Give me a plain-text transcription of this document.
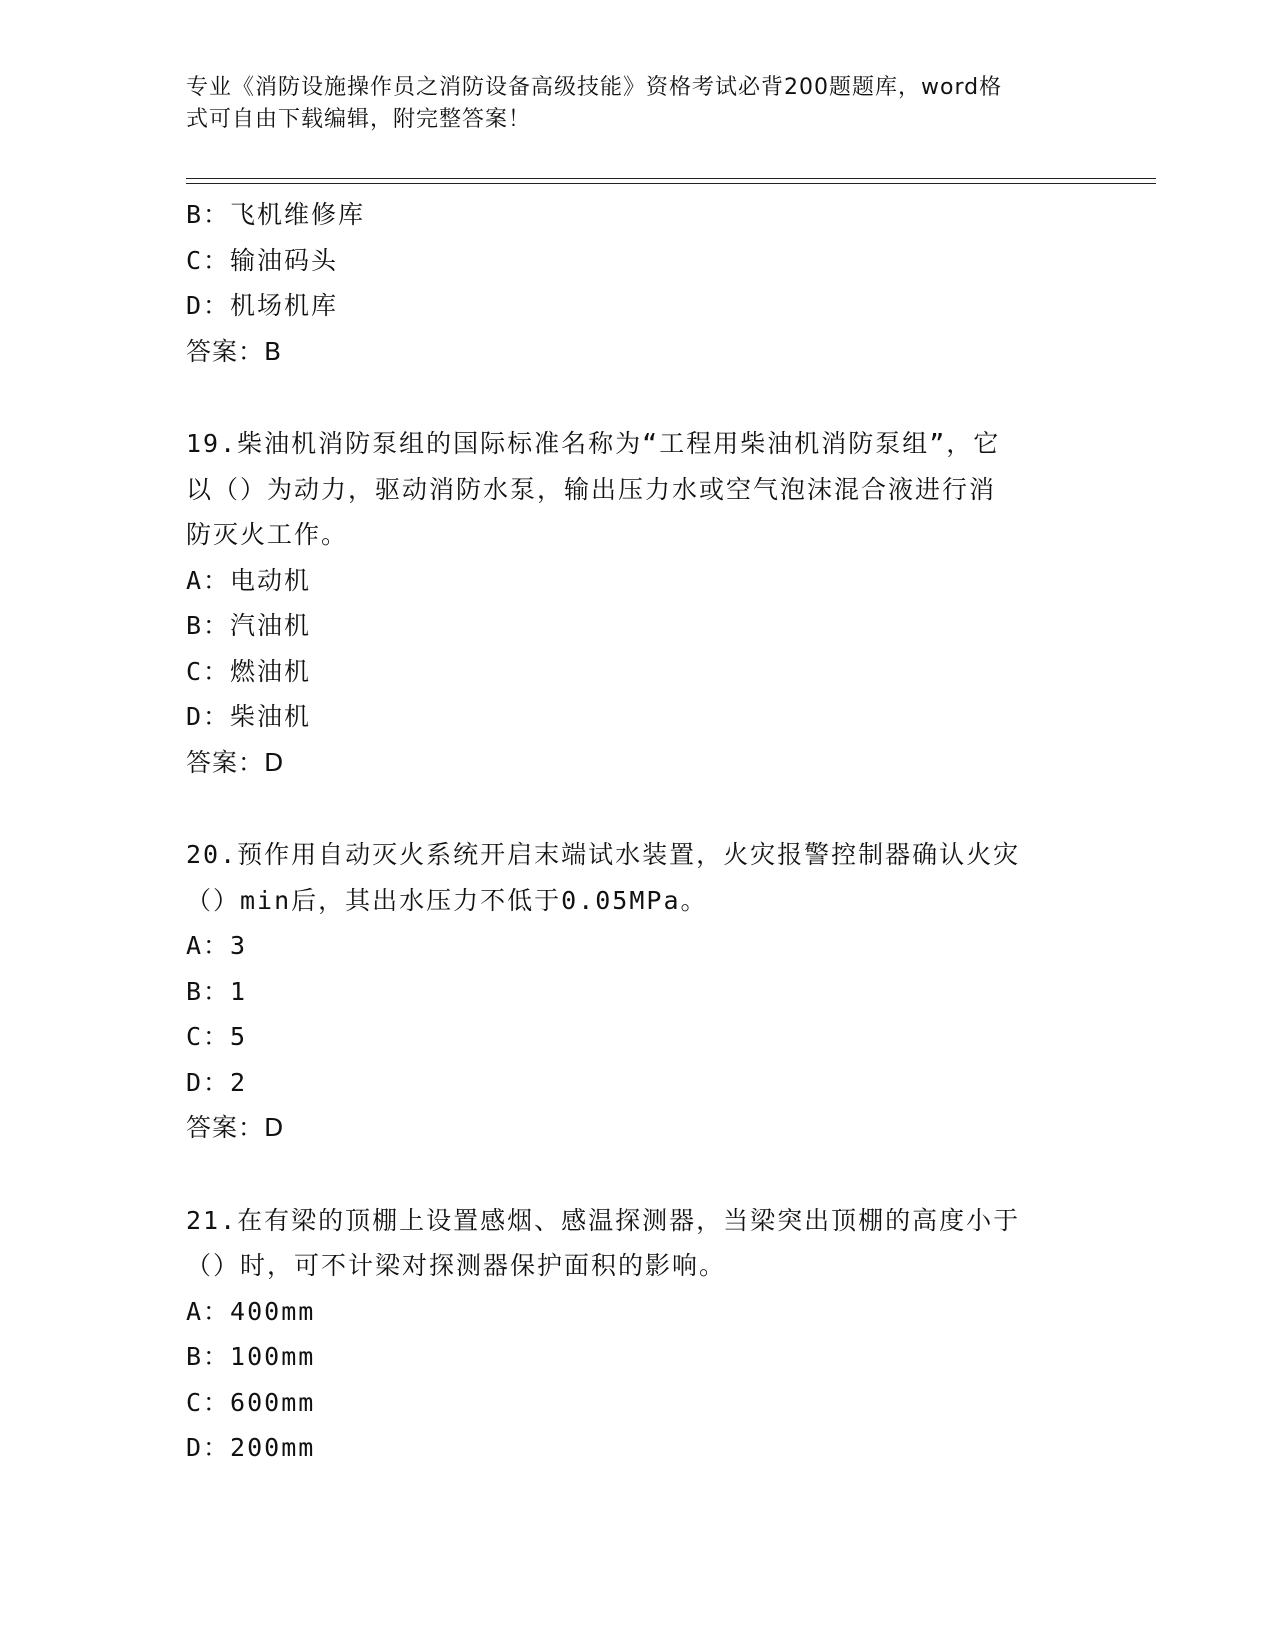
专业《消防设施操作员之消防设备高级技能》资格考试必背200题题库，word格
式可自由下载编辑，附完整答案！
B：飞机维修库
C：输油码头
D：机场机库
答案：B
19.柴油机消防泵组的国际标准名称为“工程用柴油机消防泵组”，它
以（）为动力，驱动消防水泵，输出压力水或空气泡沫混合液进行消
防灭火工作。
A：电动机
B：汽油机
C：燃油机
D：柴油机
答案：D
20.预作用自动灭火系统开启末端试水装置，火灾报警控制器确认火灾
（）min后，其出水压力不低于0.05MPa。
A：3
B：1
C：5
D：2
答案：D
21.在有梁的顶棚上设置感烟、感温探测器，当梁突出顶棚的高度小于
（）时，可不计梁对探测器保护面积的影响。
A：400mm
B：100mm
C：600mm
D：200mm
